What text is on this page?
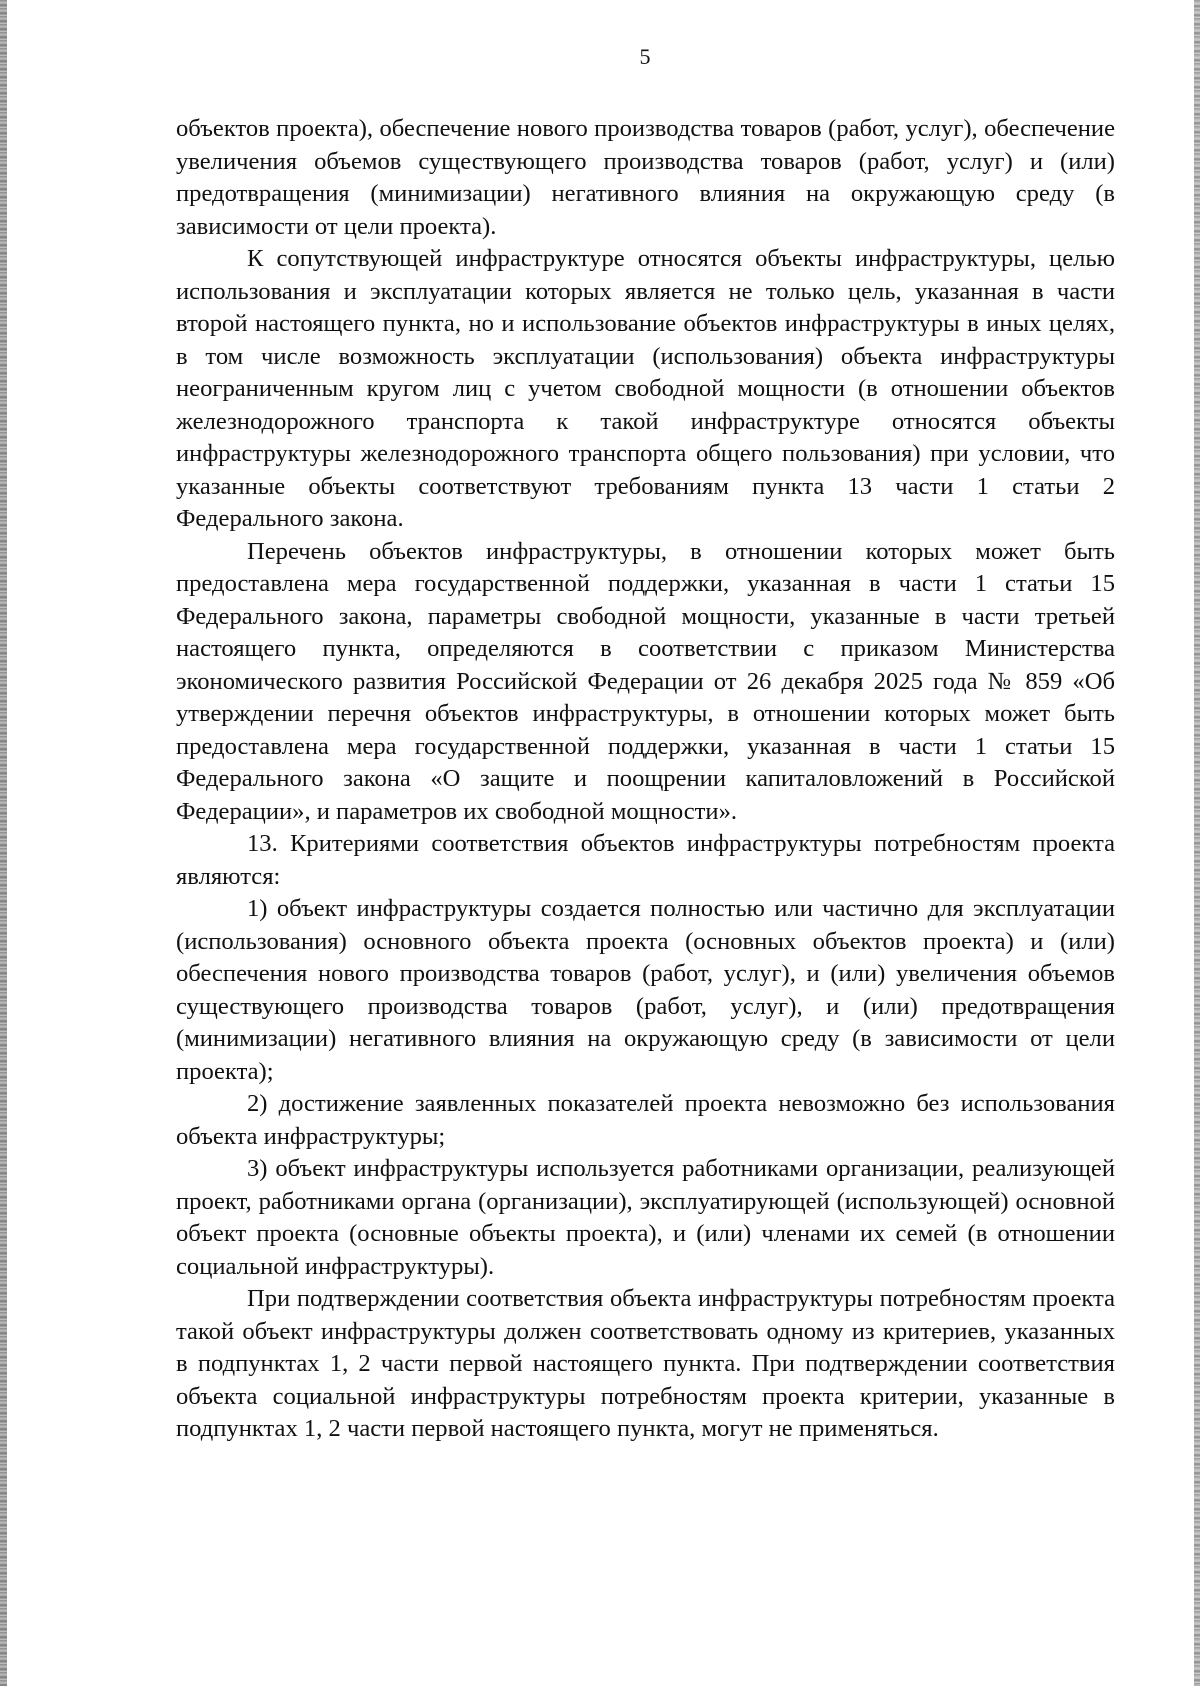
5

объектов проекта), обеспечение нового производства товаров (работ, услуг), обеспечение увеличения объемов существующего производства товаров (работ, услуг) и (или) предотвращения (минимизации) негативного влияния на окружающую среду (в зависимости от цели проекта).

К сопутствующей инфраструктуре относятся объекты инфраструктуры, целью использования и эксплуатации которых является не только цель, указанная в части второй настоящего пункта, но и использование объектов инфраструктуры в иных целях, в том числе возможность эксплуатации (использования) объекта инфраструктуры неограниченным кругом лиц с учетом свободной мощности (в отношении объектов железнодорожного транспорта к такой инфраструктуре относятся объекты инфраструктуры железнодорожного транспорта общего пользования) при условии, что указанные объекты соответствуют требованиям пункта 13 части 1 статьи 2 Федерального закона.

Перечень объектов инфраструктуры, в отношении которых может быть предоставлена мера государственной поддержки, указанная в части 1 статьи 15 Федерального закона, параметры свободной мощности, указанные в части третьей настоящего пункта, определяются в соответствии с приказом Министерства экономического развития Российской Федерации от 26 декабря 2025 года № 859 «Об утверждении перечня объектов инфраструктуры, в отношении которых может быть предоставлена мера государственной поддержки, указанная в части 1 статьи 15 Федерального закона «О защите и поощрении капиталовложений в Российской Федерации», и параметров их свободной мощности».

13. Критериями соответствия объектов инфраструктуры потребностям проекта являются:

1) объект инфраструктуры создается полностью или частично для эксплуатации (использования) основного объекта проекта (основных объектов проекта) и (или) обеспечения нового производства товаров (работ, услуг), и (или) увеличения объемов существующего производства товаров (работ, услуг), и (или) предотвращения (минимизации) негативного влияния на окружающую среду (в зависимости от цели проекта);

2) достижение заявленных показателей проекта невозможно без использования объекта инфраструктуры;

3) объект инфраструктуры используется работниками организации, реализующей проект, работниками органа (организации), эксплуатирующей (использующей) основной объект проекта (основные объекты проекта), и (или) членами их семей (в отношении социальной инфраструктуры).

При подтверждении соответствия объекта инфраструктуры потребностям проекта такой объект инфраструктуры должен соответствовать одному из критериев, указанных в подпунктах 1, 2 части первой настоящего пункта. При подтверждении соответствия объекта социальной инфраструктуры потребностям проекта критерии, указанные в подпунктах 1, 2 части первой настоящего пункта, могут не применяться.
